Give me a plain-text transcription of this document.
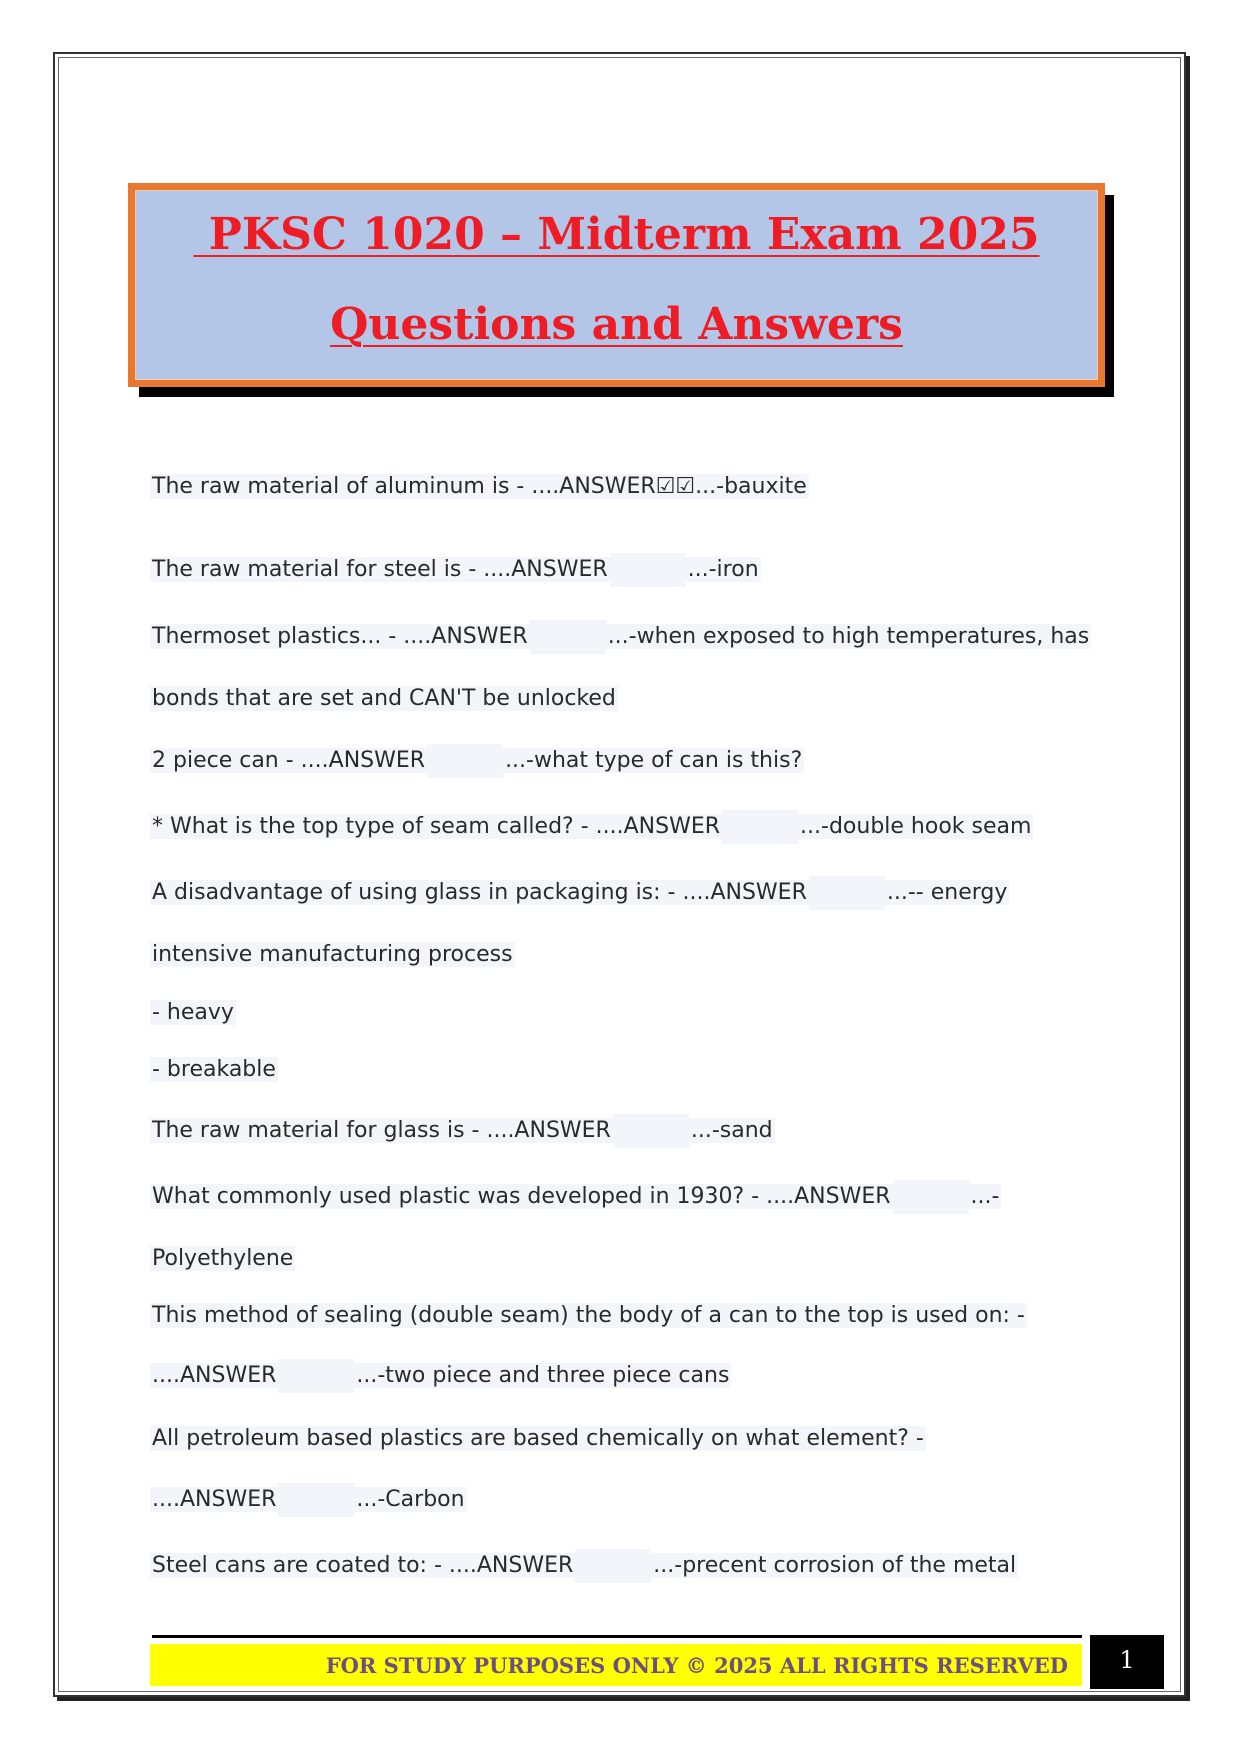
PKSC 1020 – Midterm Exam 2025
Questions and Answers
The raw material of aluminum is - ....ANSWER☑☑...-bauxite
The raw material for steel is - ....ANSWER	...-iron
Thermoset plastics... - ....ANSWER	...-when exposed to high temperatures, has
bonds that are set and CAN'T be unlocked
2 piece can - ....ANSWER	...-what type of can is this?
* What is the top type of seam called? - ....ANSWER	...-double hook seam
A disadvantage of using glass in packaging is: - ....ANSWER	...-- energy
intensive manufacturing process
- heavy
- breakable
The raw material for glass is - ....ANSWER	...-sand
What commonly used plastic was developed in 1930? - ....ANSWER	...-
Polyethylene
This method of sealing (double seam) the body of a can to the top is used on: -
....ANSWER	...-two piece and three piece cans
All petroleum based plastics are based chemically on what element? -
....ANSWER	...-Carbon
Steel cans are coated to: - ....ANSWER	...-precent corrosion of the metal
FOR STUDY PURPOSES ONLY © 2025 ALL RIGHTS RESERVED	1
